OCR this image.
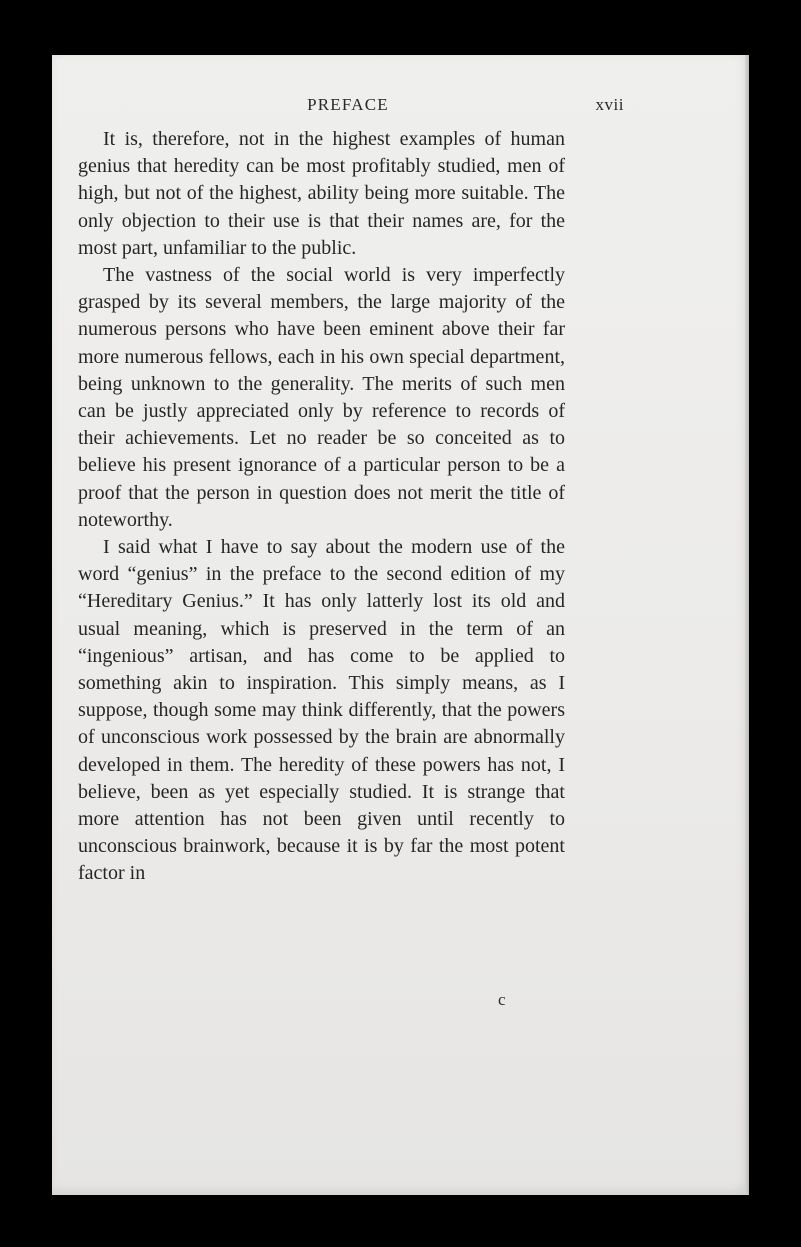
PREFACE	xvii

It is, therefore, not in the highest examples of human genius that heredity can be most profitably studied, men of high, but not of the highest, ability being more suitable. The only objection to their use is that their names are, for the most part, unfamiliar to the public.

The vastness of the social world is very imperfectly grasped by its several members, the large majority of the numerous persons who have been eminent above their far more numerous fellows, each in his own special department, being unknown to the generality. The merits of such men can be justly appreciated only by reference to records of their achievements. Let no reader be so conceited as to believe his present ignorance of a particular person to be a proof that the person in question does not merit the title of noteworthy.

I said what I have to say about the modern use of the word “genius” in the preface to the second edition of my “Hereditary Genius.” It has only latterly lost its old and usual meaning, which is preserved in the term of an “ingenious” artisan, and has come to be applied to something akin to inspiration. This simply means, as I suppose, though some may think differently, that the powers of unconscious work possessed by the brain are abnormally developed in them. The heredity of these powers has not, I believe, been as yet especially studied. It is strange that more attention has not been given until recently to unconscious brainwork, because it is by far the most potent factor in

c
